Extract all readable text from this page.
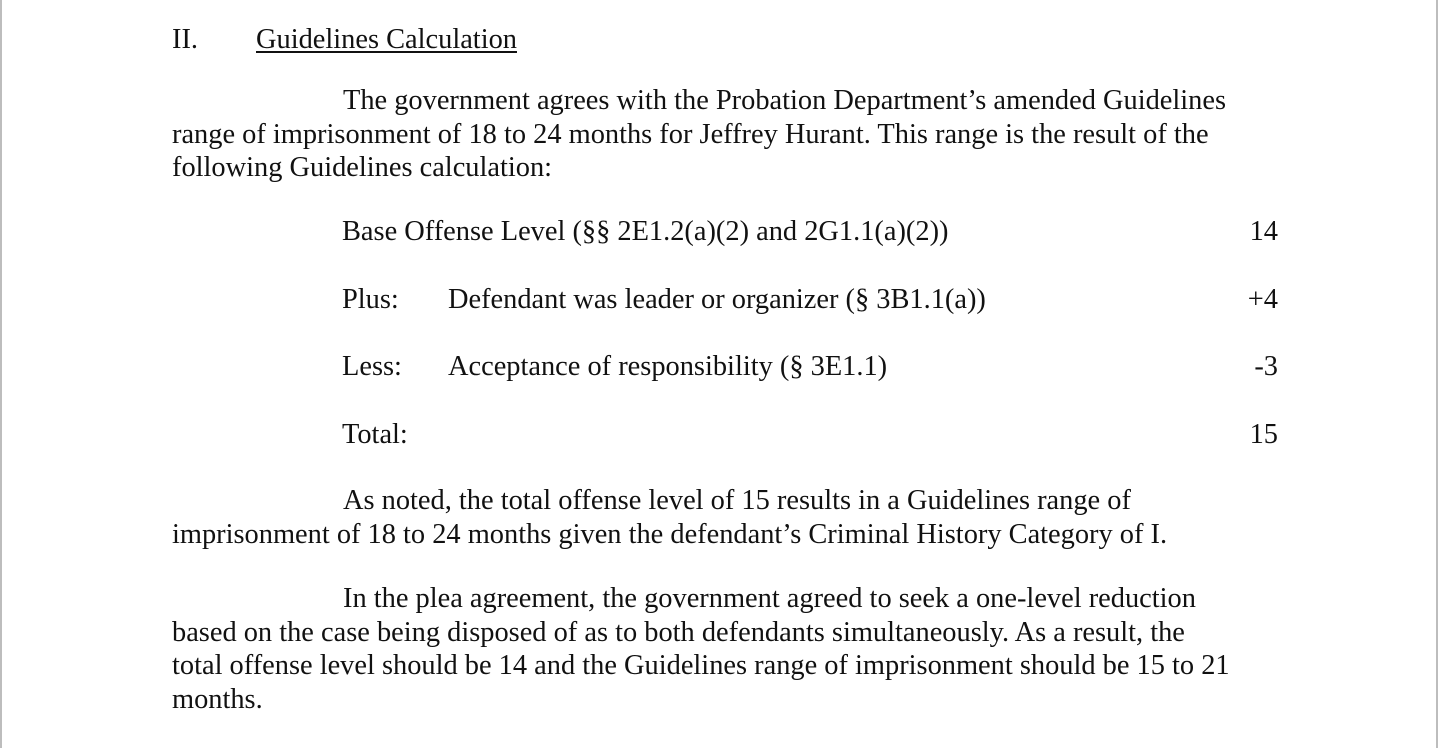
II. Guidelines Calculation

The government agrees with the Probation Department’s amended Guidelines
range of imprisonment of 18 to 24 months for Jeffrey Hurant. This range is the result of the
following Guidelines calculation:

Base Offense Level (§§ 2E1.2(a)(2) and 2G1.1(a)(2))	14
Plus: Defendant was leader or organizer (§ 3B1.1(a))	+4
Less: Acceptance of responsibility (§ 3E1.1)	-3
Total:	15

As noted, the total offense level of 15 results in a Guidelines range of
imprisonment of 18 to 24 months given the defendant’s Criminal History Category of I.

In the plea agreement, the government agreed to seek a one-level reduction
based on the case being disposed of as to both defendants simultaneously. As a result, the
total offense level should be 14 and the Guidelines range of imprisonment should be 15 to 21
months.
